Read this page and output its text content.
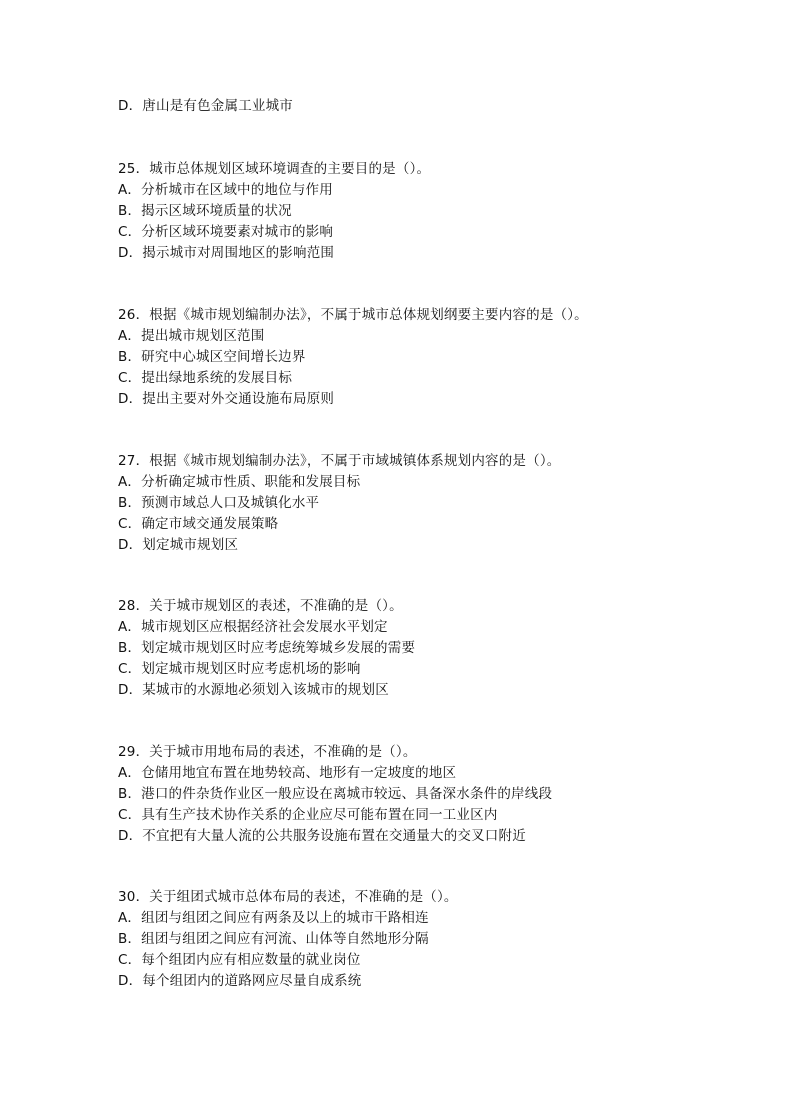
D．唐山是有色金属工业城市
25．城市总体规划区域环境调查的主要目的是（）。
A．分析城市在区域中的地位与作用
B．揭示区域环境质量的状况
C．分析区域环境要素对城市的影响
D．揭示城市对周围地区的影响范围
26．根据《城市规划编制办法》，不属于城市总体规划纲要主要内容的是（）。
A．提出城市规划区范围
B．研究中心城区空间增长边界
C．提出绿地系统的发展目标
D．提出主要对外交通设施布局原则
27．根据《城市规划编制办法》，不属于市域城镇体系规划内容的是（）。
A．分析确定城市性质、职能和发展目标
B．预测市域总人口及城镇化水平
C．确定市域交通发展策略
D．划定城市规划区
28．关于城市规划区的表述，不准确的是（）。
A．城市规划区应根据经济社会发展水平划定
B．划定城市规划区时应考虑统筹城乡发展的需要
C．划定城市规划区时应考虑机场的影响
D．某城市的水源地必须划入该城市的规划区
29．关于城市用地布局的表述，不准确的是（）。
A．仓储用地宜布置在地势较高、地形有一定坡度的地区
B．港口的件杂货作业区一般应设在离城市较远、具备深水条件的岸线段
C．具有生产技术协作关系的企业应尽可能布置在同一工业区内
D．不宜把有大量人流的公共服务设施布置在交通量大的交叉口附近
30．关于组团式城市总体布局的表述，不准确的是（）。
A．组团与组团之间应有两条及以上的城市干路相连
B．组团与组团之间应有河流、山体等自然地形分隔
C．每个组团内应有相应数量的就业岗位
D．每个组团内的道路网应尽量自成系统
